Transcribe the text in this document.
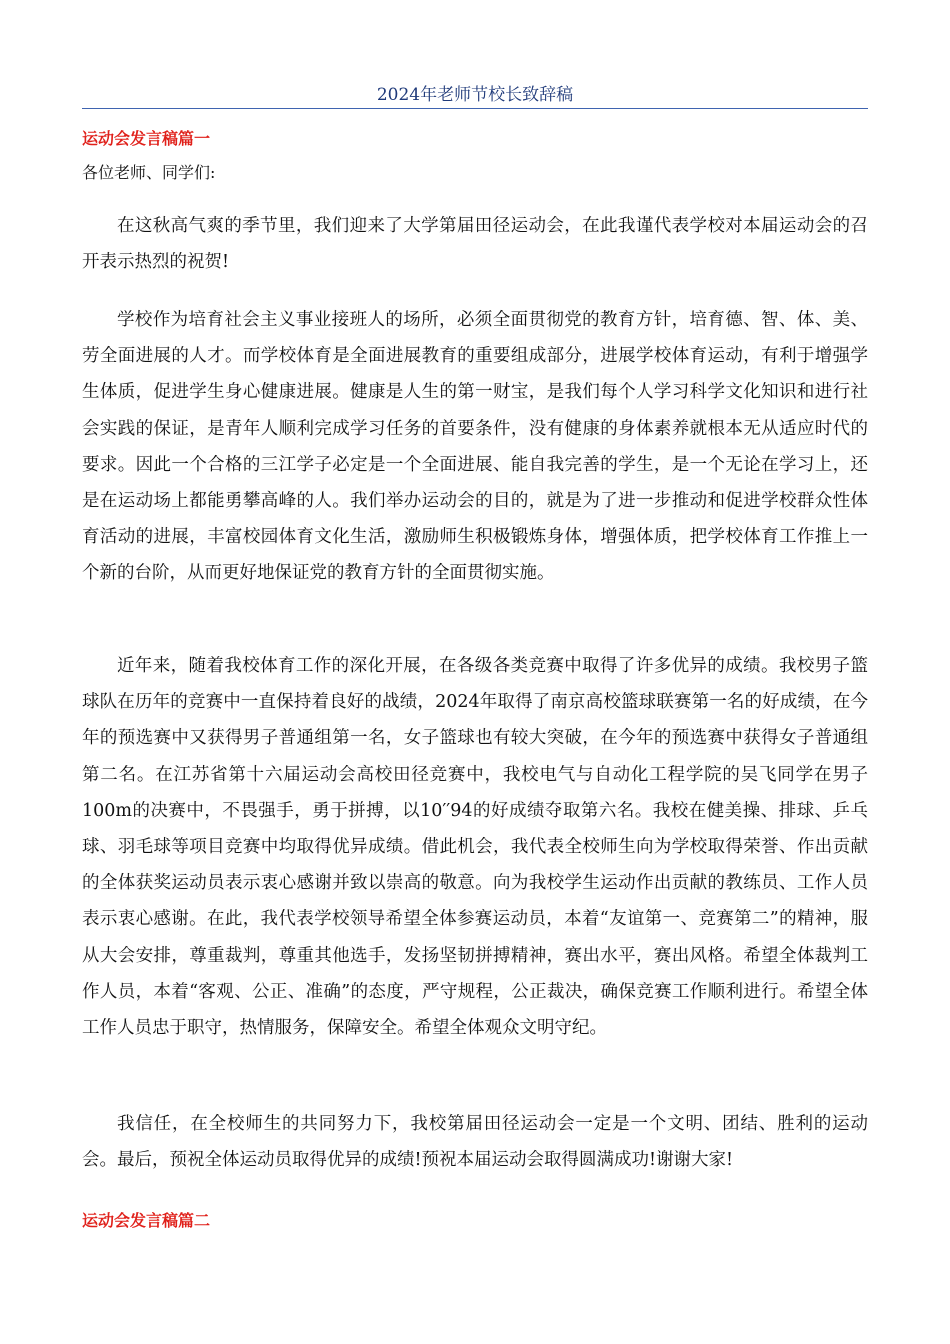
2024年老师节校长致辞稿
运动会发言稿篇一
各位老师、同学们:

在这秋高气爽的季节里，我们迎来了大学第届田径运动会，在此我谨代表学校对本届运动会的召开表示热烈的祝贺!

学校作为培育社会主义事业接班人的场所，必须全面贯彻党的教育方针，培育德、智、体、美、劳全面进展的人才。而学校体育是全面进展教育的重要组成部分，进展学校体育运动，有利于增强学生体质，促进学生身心健康进展。健康是人生的第一财宝，是我们每个人学习科学文化知识和进行社会实践的保证，是青年人顺利完成学习任务的首要条件，没有健康的身体素养就根本无从适应时代的要求。因此一个合格的三江学子必定是一个全面进展、能自我完善的学生，是一个无论在学习上，还是在运动场上都能勇攀高峰的人。我们举办运动会的目的，就是为了进一步推动和促进学校群众性体育活动的进展，丰富校园体育文化生活，激励师生积极锻炼身体，增强体质，把学校体育工作推上一个新的台阶，从而更好地保证党的教育方针的全面贯彻实施。

近年来，随着我校体育工作的深化开展，在各级各类竞赛中取得了许多优异的成绩。我校男子篮球队在历年的竞赛中一直保持着良好的战绩，2024年取得了南京高校篮球联赛第一名的好成绩，在今年的预选赛中又获得男子普通组第一名，女子篮球也有较大突破，在今年的预选赛中获得女子普通组第二名。在江苏省第十六届运动会高校田径竞赛中，我校电气与自动化工程学院的吴飞同学在男子100m的决赛中，不畏强手，勇于拼搏，以10′′94的好成绩夺取第六名。我校在健美操、排球、乒乓球、羽毛球等项目竞赛中均取得优异成绩。借此机会，我代表全校师生向为学校取得荣誉、作出贡献的全体获奖运动员表示衷心感谢并致以崇高的敬意。向为我校学生运动作出贡献的教练员、工作人员表示衷心感谢。在此，我代表学校领导希望全体参赛运动员，本着“友谊第一、竞赛第二”的精神，服从大会安排，尊重裁判，尊重其他选手，发扬坚韧拼搏精神，赛出水平，赛出风格。希望全体裁判工作人员，本着“客观、公正、准确”的态度，严守规程，公正裁决，确保竞赛工作顺利进行。希望全体工作人员忠于职守，热情服务，保障安全。希望全体观众文明守纪。

我信任，在全校师生的共同努力下，我校第届田径运动会一定是一个文明、团结、胜利的运动会。最后，预祝全体运动员取得优异的成绩!预祝本届运动会取得圆满成功!谢谢大家!

运动会发言稿篇二
